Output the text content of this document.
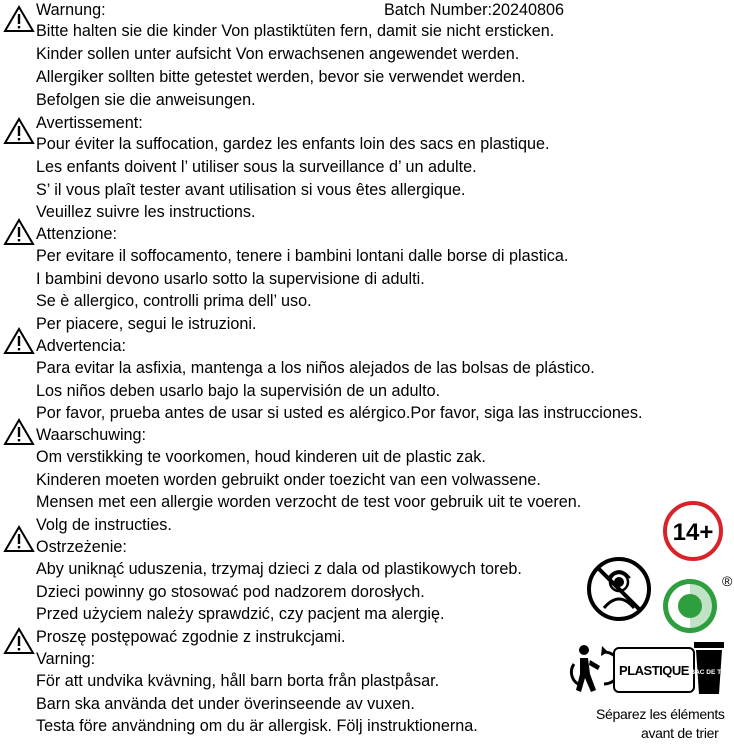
Batch Number:20240806
Warnung:
Bitte halten sie die kinder Von plastiktüten fern, damit sie nicht ersticken.
Kinder sollen unter aufsicht Von erwachsenen angewendet werden.
Allergiker sollten bitte getestet werden, bevor sie verwendet werden.
Befolgen sie die anweisungen.
Avertissement:
Pour éviter la suffocation, gardez les enfants loin des sacs en plastique.
Les enfants doivent l’ utiliser sous la surveillance d’ un adulte.
S’ il vous plaît tester avant utilisation si vous êtes allergique.
Veuillez suivre les instructions.
Attenzione:
Per evitare il soffocamento, tenere i bambini lontani dalle borse di plastica.
I bambini devono usarlo sotto la supervisione di adulti.
Se è allergico, controlli prima dell’ uso.
Per piacere, segui le istruzioni.
Advertencia:
Para evitar la asfixia, mantenga a los niños alejados de las bolsas de plástico.
Los niños deben usarlo bajo la supervisión de un adulto.
Por favor, prueba antes de usar si usted es alérgico.Por favor, siga las instrucciones.
Waarschuwing:
Om verstikking te voorkomen, houd kinderen uit de plastic zak.
Kinderen moeten worden gebruikt onder toezicht van een volwassene.
Mensen met een allergie worden verzocht de test voor gebruik uit te voeren.
Volg de instructies.
Ostrzeżenie:
Aby uniknąć uduszenia, trzymaj dzieci z dala od plastikowych toreb.
Dzieci powinny go stosować pod nadzorem dorosłych.
Przed użyciem należy sprawdzić, czy pacjent ma alergię.
Proszę postępować zgodnie z instrukcjami.
Varning:
För att undvika kvävning, håll barn borta från plastpåsar.
Barn ska använda det under överinseende av vuxen.
Testa före användning om du är allergisk. Följ instruktionerna.
14+
®
PLASTIQUE BAC DE TRI
Séparez les éléments
avant de trier
